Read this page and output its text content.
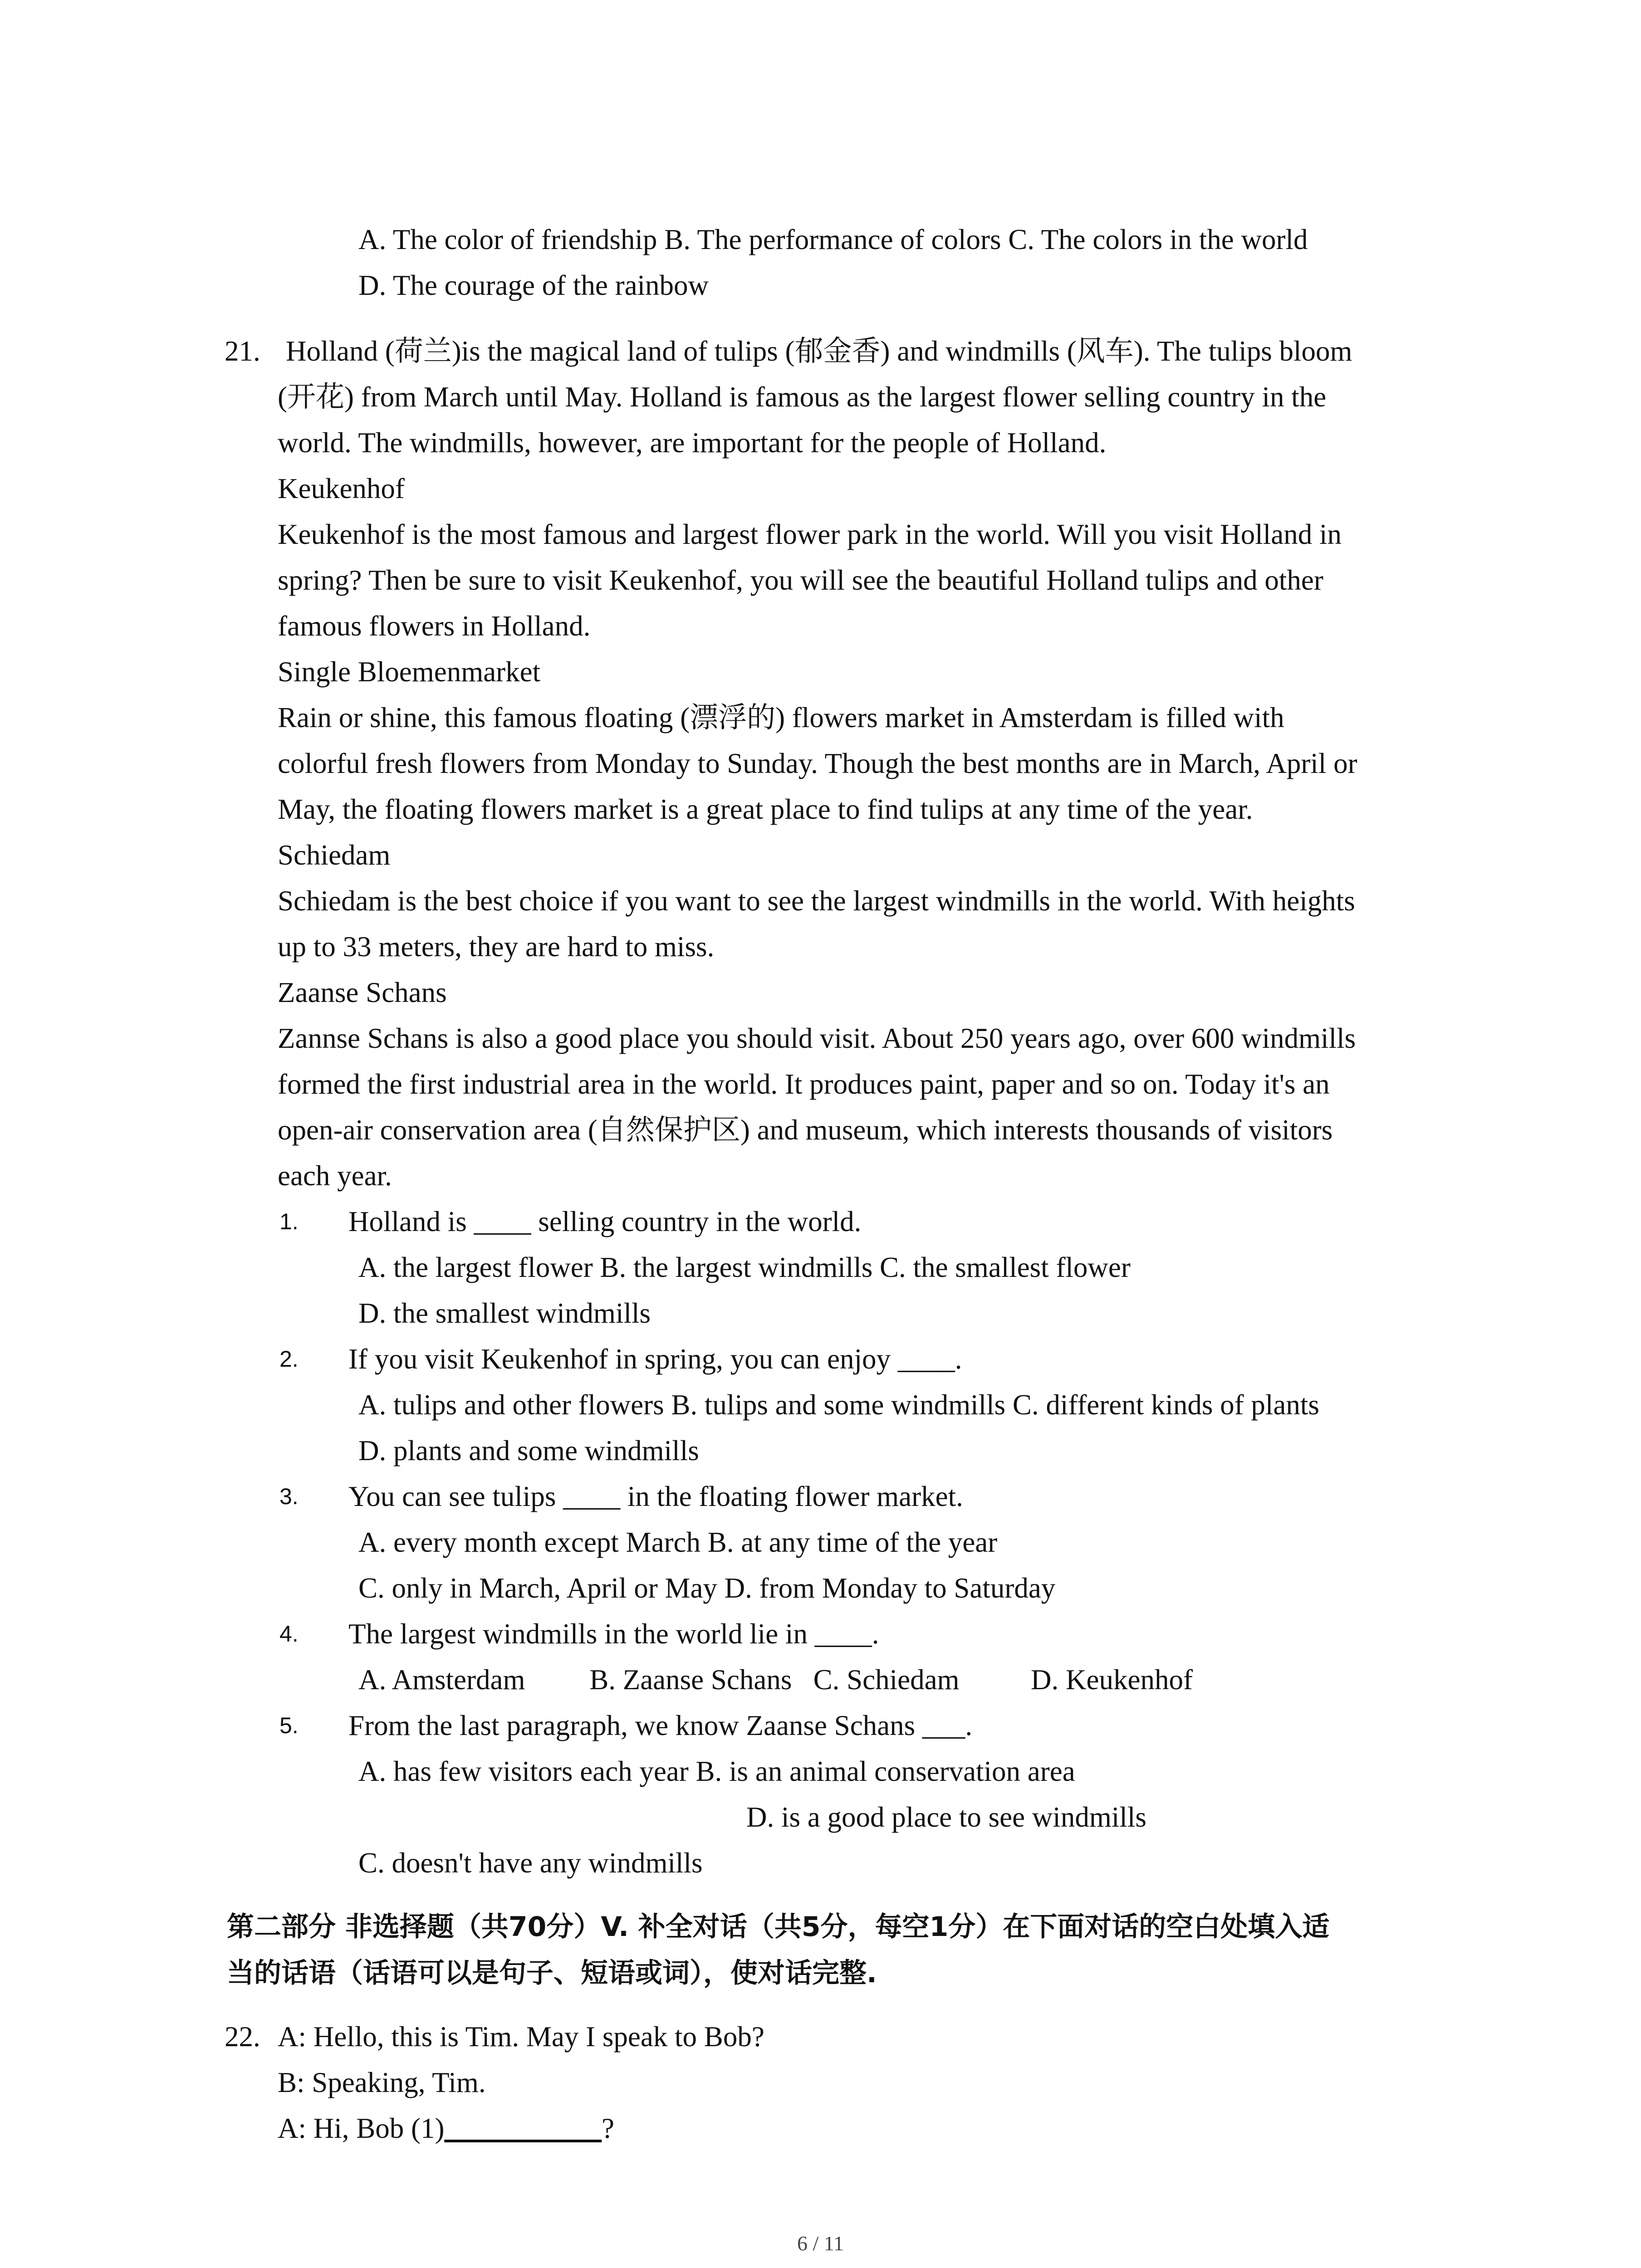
A. The color of friendship B. The performance of colors C. The colors in the world
D. The courage of the rainbow
21. Holland (荷兰)is the magical land of tulips (郁金香) and windmills (风车). The tulips bloom
(开花) from March until May. Holland is famous as the largest flower selling country in the
world. The windmills, however, are important for the people of Holland.
Keukenhof
Keukenhof is the most famous and largest flower park in the world. Will you visit Holland in
spring? Then be sure to visit Keukenhof, you will see the beautiful Holland tulips and other
famous flowers in Holland.
Single Bloemenmarket
Rain or shine, this famous floating (漂浮的) flowers market in Amsterdam is filled with
colorful fresh flowers from Monday to Sunday. Though the best months are in March, April or
May, the floating flowers market is a great place to find tulips at any time of the year.
Schiedam
Schiedam is the best choice if you want to see the largest windmills in the world. With heights
up to 33 meters, they are hard to miss.
Zaanse Schans
Zannse Schans is also a good place you should visit. About 250 years ago, over 600 windmills
formed the first industrial area in the world. It produces paint, paper and so on. Today it's an
open-air conservation area (自然保护区) and museum, which interests thousands of visitors
each year.
1. Holland is ____ selling country in the world.
A. the largest flower B. the largest windmills C. the smallest flower
D. the smallest windmills
2. If you visit Keukenhof in spring, you can enjoy ____.
A. tulips and other flowers B. tulips and some windmills C. different kinds of plants
D. plants and some windmills
3. You can see tulips ____ in the floating flower market.
A. every month except March B. at any time of the year
C. only in March, April or May D. from Monday to Saturday
4. The largest windmills in the world lie in ____.
A. Amsterdam         B. Zaanse Schans   C. Schiedam          D. Keukenhof
5. From the last paragraph, we know Zaanse Schans ___.
A. has few visitors each year B. is an animal conservation area
D. is a good place to see windmills
C. doesn't have any windmills
第二部分 非选择题（共70分）V. 补全对话（共5分，每空1分）在下面对话的空白处填入适
当的话语（话语可以是句子、短语或词），使对话完整.
22. A: Hello, this is Tim. May I speak to Bob?
B: Speaking, Tim.
A: Hi, Bob (1)___________?
6 / 11
